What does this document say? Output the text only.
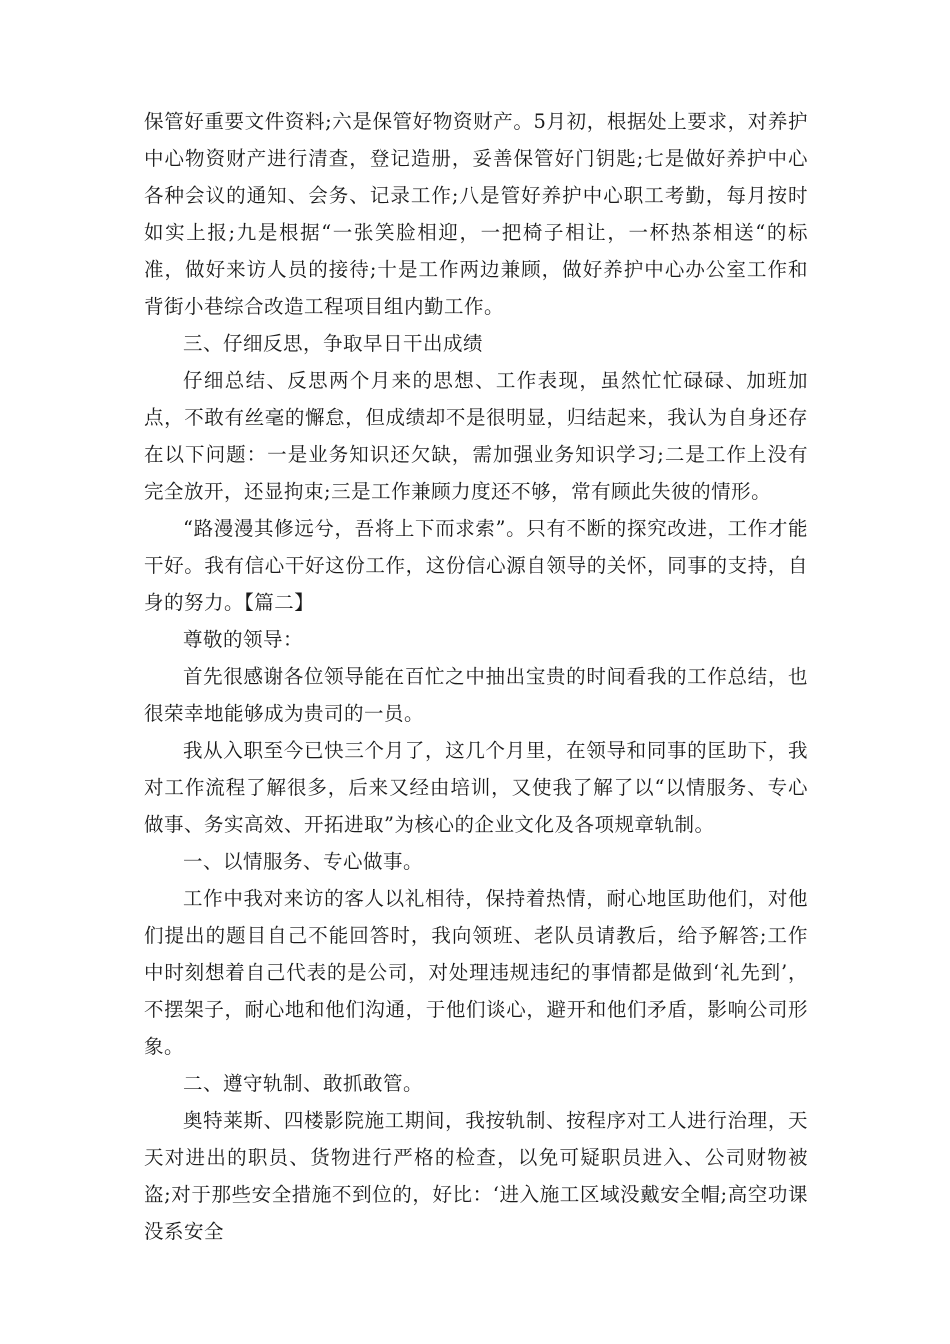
保管好重要文件资料;六是保管好物资财产。5月初，根据处上要求，对养护中心物资财产进行清查，登记造册，妥善保管好门钥匙;七是做好养护中心各种会议的通知、会务、记录工作;八是管好养护中心职工考勤，每月按时如实上报;九是根据“一张笑脸相迎，一把椅子相让，一杯热茶相送“的标准，做好来访人员的接待;十是工作两边兼顾，做好养护中心办公室工作和背街小巷综合改造工程项目组内勤工作。

三、仔细反思，争取早日干出成绩

仔细总结、反思两个月来的思想、工作表现，虽然忙忙碌碌、加班加点，不敢有丝毫的懈怠，但成绩却不是很明显，归结起来，我认为自身还存在以下问题：一是业务知识还欠缺，需加强业务知识学习;二是工作上没有完全放开，还显拘束;三是工作兼顾力度还不够，常有顾此失彼的情形。

“路漫漫其修远兮，吾将上下而求索”。只有不断的探究改进，工作才能干好。我有信心干好这份工作，这份信心源自领导的关怀，同事的支持，自身的努力。【篇二】

尊敬的领导：

首先很感谢各位领导能在百忙之中抽出宝贵的时间看我的工作总结，也很荣幸地能够成为贵司的一员。

我从入职至今已快三个月了，这几个月里，在领导和同事的匡助下，我对工作流程了解很多，后来又经由培训，又使我了解了以“以情服务、专心做事、务实高效、开拓进取”为核心的企业文化及各项规章轨制。

一、以情服务、专心做事。

工作中我对来访的客人以礼相待，保持着热情，耐心地匡助他们，对他们提出的题目自己不能回答时，我向领班、老队员请教后，给予解答;工作中时刻想着自己代表的是公司，对处理违规违纪的事情都是做到‘礼先到’，不摆架子，耐心地和他们沟通，于他们谈心，避开和他们矛盾，影响公司形象。

二、遵守轨制、敢抓敢管。

奥特莱斯、四楼影院施工期间，我按轨制、按程序对工人进行治理，天天对进出的职员、货物进行严格的检查，以免可疑职员进入、公司财物被盗;对于那些安全措施不到位的，好比：‘进入施工区域没戴安全帽;高空功课没系安全
